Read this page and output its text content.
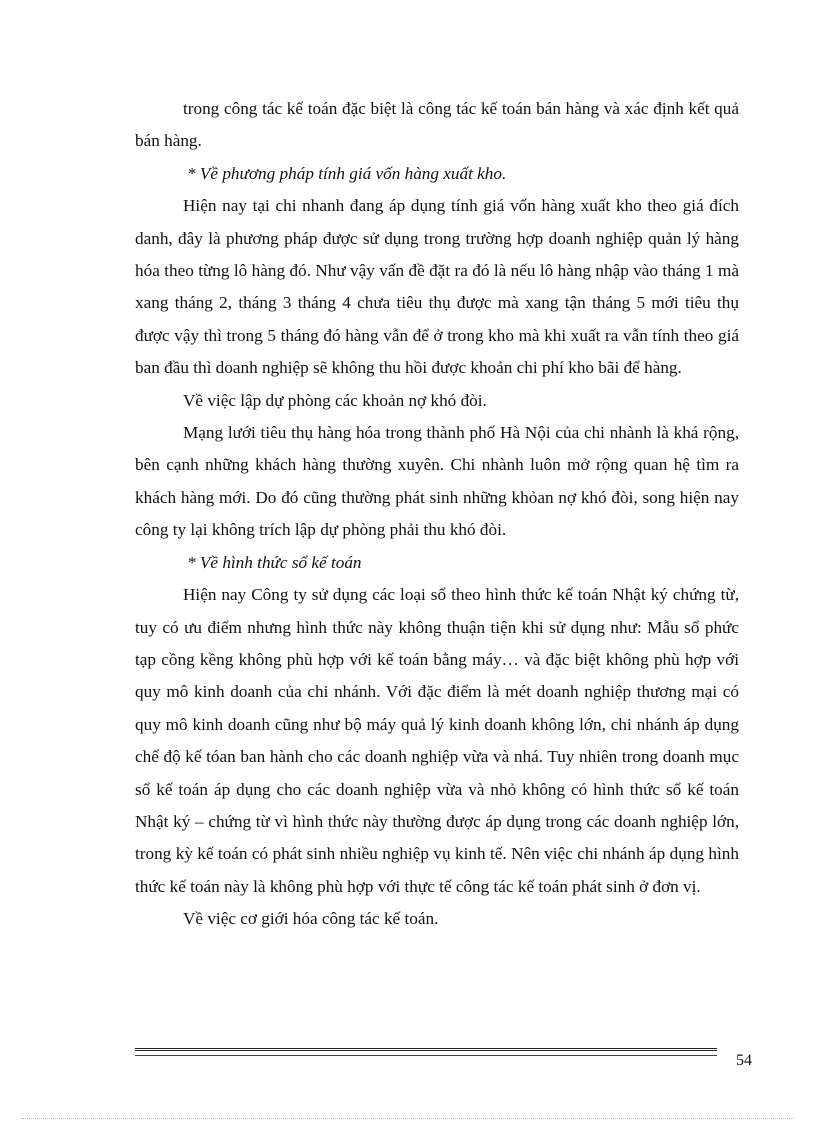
trong công tác kế toán đặc biệt là công tác kế toán bán hàng và xác định kết quả bán hàng.

* Về phương pháp tính giá vốn hàng xuất kho.

Hiện nay tại chi nhanh đang áp dụng tính giá vốn hàng xuất kho theo giá đích danh, đây là phương pháp được sử dụng trong trường hợp doanh nghiệp quản lý hàng hóa theo từng lô hàng đó. Như vậy vấn đề đặt ra đó là nếu lô hàng nhập vào tháng 1 mà xang tháng 2, tháng 3 tháng 4 chưa tiêu thụ được mà xang tận tháng 5 mới tiêu thụ được vậy thì trong 5 tháng đó hàng vẫn để ở trong kho mà khi xuất ra vẫn tính theo giá ban đầu thì doanh nghiệp sẽ không thu hồi được khoản chi phí kho bãi để hàng.

Về việc lập dự phòng các khoản nợ khó đòi.

Mạng lưới tiêu thụ hàng hóa trong thành phố Hà Nội của chi nhành là khá rộng, bên cạnh những khách hàng thường xuyên. Chi nhành luôn mở rộng quan hệ tìm ra khách hàng mới. Do đó cũng thường phát sinh những khỏan nợ khó đòi, song hiện nay công ty lại không trích lập dự phòng phải thu khó đòi.

* Về hình thức sổ kế toán

Hiện nay Công ty sử dụng các loại sổ theo hình thức kế toán Nhật ký chứng từ, tuy có ưu điểm nhưng hình thức này không thuận tiện khi sử dụng như: Mẫu sổ phức tạp cồng kềng không phù hợp với kế toán bằng máy… và đặc biệt không phù hợp với quy mô kinh doanh của chi nhánh. Với đặc điểm là mét doanh nghiệp thương mại có quy mô kinh doanh cũng như bộ máy quả lý kinh doanh không lớn, chi nhánh áp dụng chế độ kế tóan ban hành cho các doanh nghiệp vừa và nhá. Tuy nhiên trong doanh mục sổ kế toán áp dụng cho các doanh nghiệp vừa và nhỏ không có hình thức sổ kế toán Nhật ký – chứng từ vì hình thức này thường được áp dụng trong các doanh nghiệp lớn, trong kỳ kế toán có phát sinh nhiều nghiệp vụ kinh tế. Nên việc chi nhánh áp dụng hình thức kế toán này là không phù hợp với thực tế công tác kế toán phát sinh ở đơn vị.

Về việc cơ giới hóa công tác kế toán.

54
